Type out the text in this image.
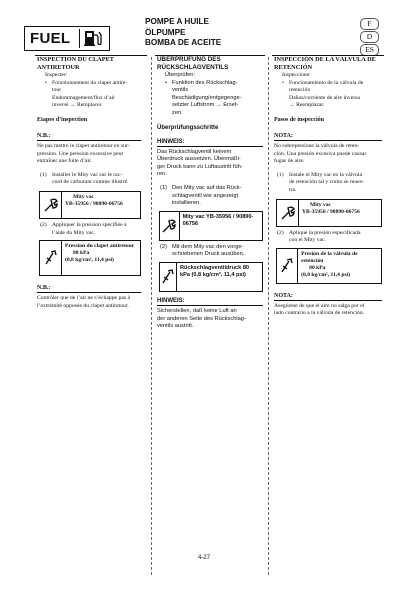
FUEL
POMPE A HUILE
ÖLPUMPE
BOMBA DE ACEITE
F
D
ES
INSPECTION DU CLAPET
ANTIRETOUR
Inspecter:
• Fonctionnement du clapet antire-
tour
Endommagement/flux d’air
inversé → Remplacer.
Etapes d’inspection
N.B.:
Ne pas mettre le clapet antiretour en sur-
pression. Une pression excessive peut
entraîner une fuite d’air.
(1) Installer le Mity vac sur le rac-
cord de carburant comme illustré.
Mity vac
YB-35956 / 90890-06756
(2) Appliquer la pression spécifiée à
l’aide du Mity vac.
Pression du clapet antiretour
80 kPa
(0,8 kg/cm², 11,4 psi)
N.B.:
Contrôler que de l’air ne s’échappe pas à
l’extrémité opposée du clapet antiretour.
ÜBERPRÜFUNG DES
RÜCKSCHLAGVENTILS
Überprüfen:
• Funktion des Rückschlag-
ventils
Beschädigung/entgegenge-
setzter Luftstrom → Erset-
zen.
Überprüfungsschritte
HINWEIS:
Das Rückschlagventil keinem
Überdruck aussetzen. Übermäßi-
ger Druck kann zu Luftaustritt füh-
ren.
(1) Den Mity vac auf das Rück-
schlagventil wie angezeigt
installieren.
Mity vac YB-35956 / 90890-06756
(2) Mit dem Mity vac den vorge-
schriebenen Druck ausüben.
Rückschlagventildruck 80 kPa (0,8 kg/cm², 11,4 psi)
HINWEIS:
Sicherstellen, daß keine Luft an
der anderen Seite des Rückschlag-
ventils austritt.
INSPECCIÓN DE LA VÁLVULA DE
RETENCIÓN
Inspeccione:
• Funcionamiento de la válvula de
retención
Daños/corriente de aire inversa
→ Reemplazar.
Pasos de inspección
NOTA:
No sobrepresione la válvula de reten-
ción. Una presión excesiva puede causar
fugas de aire.
(1) Instale el Mity vac en la válvula
de retención tal y como se mues-
tra.
Mity vac
YB-35956 / 90890-06756
(2) Aplique la presión especificada
con el Mity vac.
Presión de la válvula de retención
80 kPa
(0,8 kg/cm², 11,4 psi)
NOTA:
Asegúrese de que el aire no salga por el
lado contrario a la válvula de retención.
4-27
